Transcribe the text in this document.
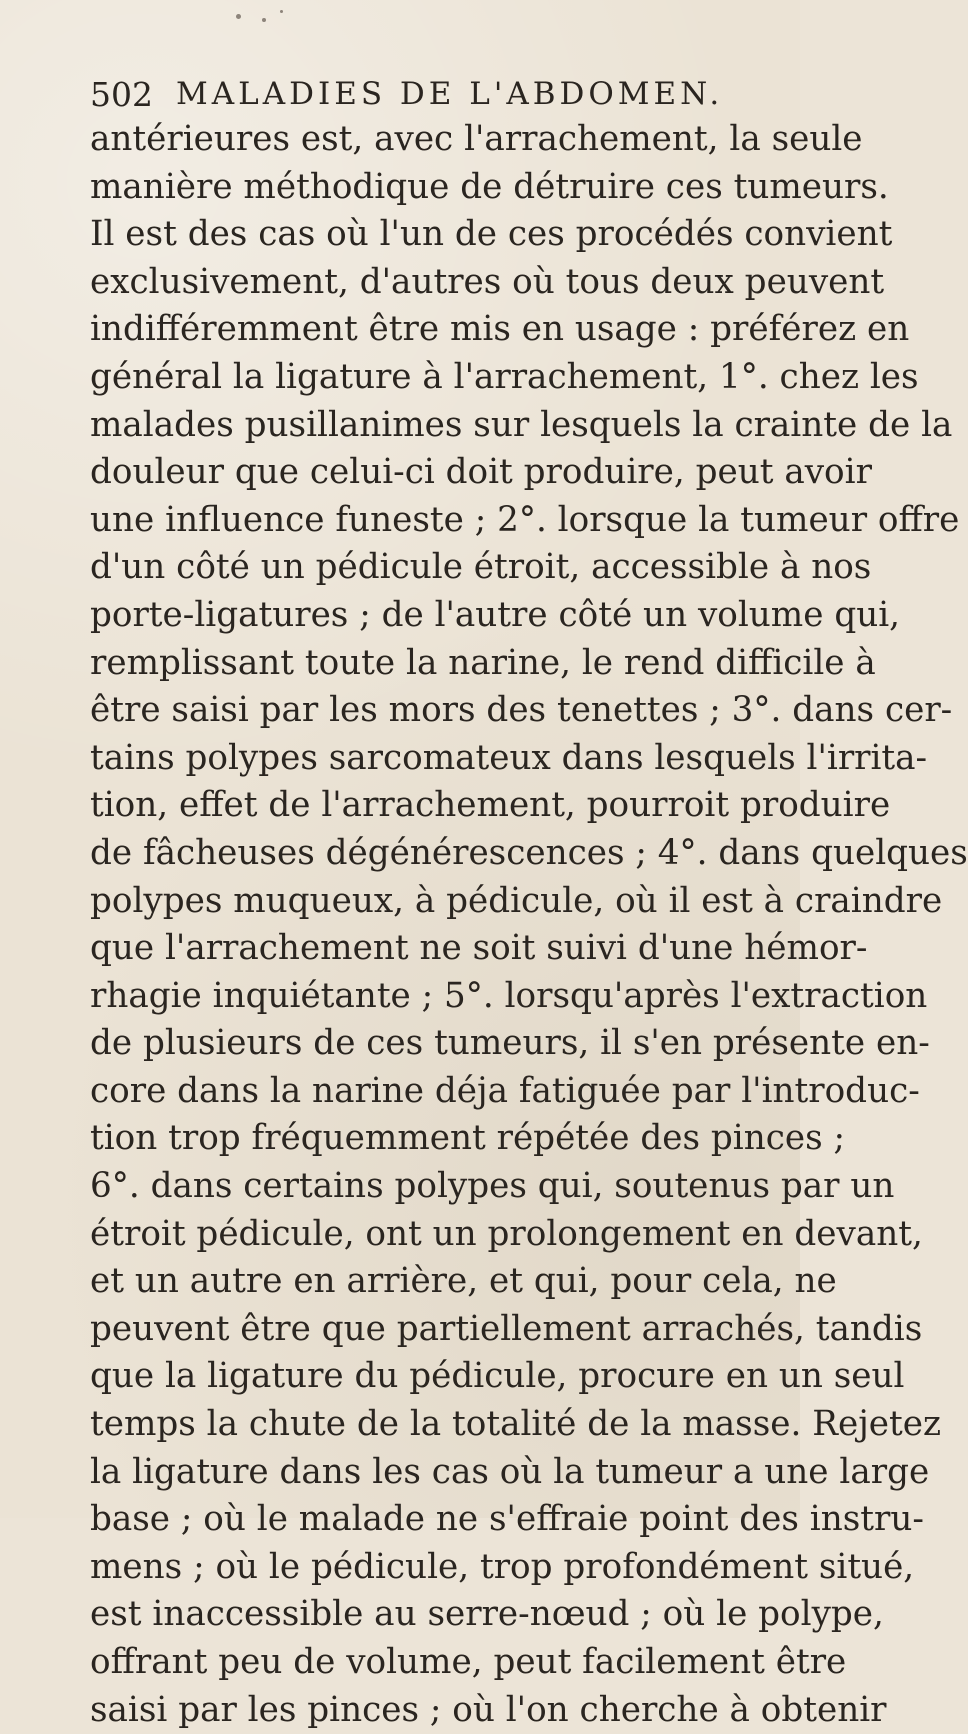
502 MALADIES DE L'ABDOMEN.
antérieures est, avec l'arrachement, la seule
manière méthodique de détruire ces tumeurs.
Il est des cas où l'un de ces procédés convient
exclusivement, d'autres où tous deux peuvent
indifféremment être mis en usage : préférez en
général la ligature à l'arrachement, 1°. chez les
malades pusillanimes sur lesquels la crainte de la
douleur que celui-ci doit produire, peut avoir
une influence funeste ; 2°. lorsque la tumeur offre
d'un côté un pédicule étroit, accessible à nos
porte-ligatures ; de l'autre côté un volume qui,
remplissant toute la narine, le rend difficile à
être saisi par les mors des tenettes ; 3°. dans cer-
tains polypes sarcomateux dans lesquels l'irrita-
tion, effet de l'arrachement, pourroit produire
de fâcheuses dégénérescences ; 4°. dans quelques
polypes muqueux, à pédicule, où il est à craindre
que l'arrachement ne soit suivi d'une hémor-
rhagie inquiétante ; 5°. lorsqu'après l'extraction
de plusieurs de ces tumeurs, il s'en présente en-
core dans la narine déja fatiguée par l'introduc-
tion trop fréquemment répétée des pinces ;
6°. dans certains polypes qui, soutenus par un
étroit pédicule, ont un prolongement en devant,
et un autre en arrière, et qui, pour cela, ne
peuvent être que partiellement arrachés, tandis
que la ligature du pédicule, procure en un seul
temps la chute de la totalité de la masse. Rejetez
la ligature dans les cas où la tumeur a une large
base ; où le malade ne s'effraie point des instru-
mens ; où le pédicule, trop profondément situé,
est inaccessible au serre-nœud ; où le polype,
offrant peu de volume, peut facilement être
saisi par les pinces ; où l'on cherche à obtenir
